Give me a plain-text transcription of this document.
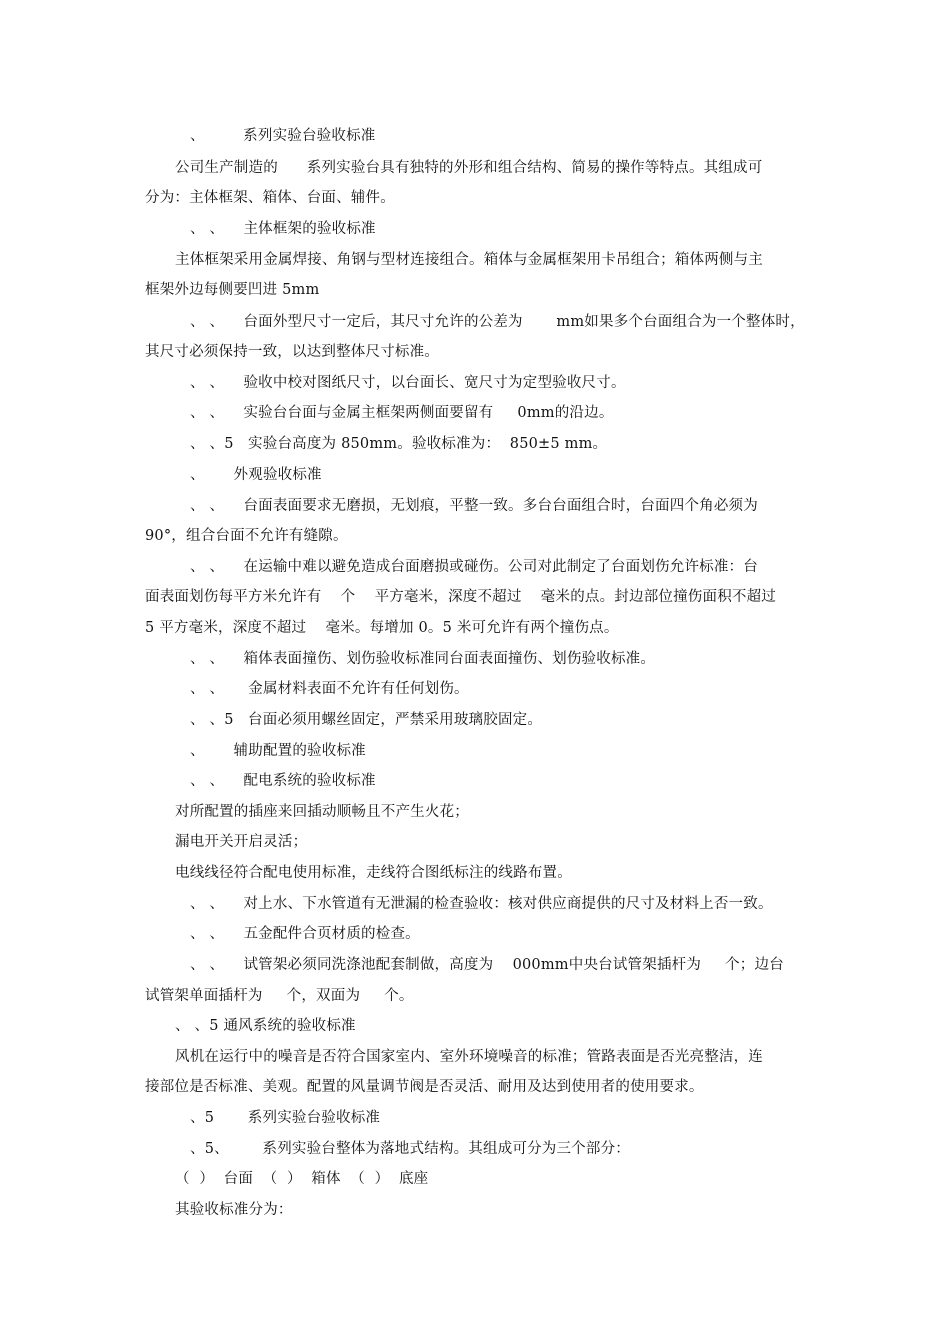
、        系列实验台验收标准
公司生产制造的      系列实验台具有独特的外形和组合结构、简易的操作等特点。其组成可
分为：主体框架、箱体、台面、辅件。
、 、    主体框架的验收标准
主体框架采用金属焊接、角钢与型材连接组合。箱体与金属框架用卡吊组合；箱体两侧与主
框架外边每侧要凹进 5mm
、 、    台面外型尺寸一定后，其尺寸允许的公差为       mm如果多个台面组合为一个整体时，
其尺寸必须保持一致，以达到整体尺寸标准。
、 、    验收中校对图纸尺寸，以台面长、宽尺寸为定型验收尺寸。
、 、    实验台台面与金属主框架两侧面要留有     0mm的沿边。
、 、5   实验台高度为 850mm。验收标准为：  850±5 mm。
、      外观验收标准
、 、    台面表面要求无磨损，无划痕，平整一致。多台台面组合时，台面四个角必须为
90°，组合台面不允许有缝隙。
、 、    在运输中难以避免造成台面磨损或碰伤。公司对此制定了台面划伤允许标准：台
面表面划伤每平方米允许有    个    平方毫米，深度不超过    毫米的点。封边部位撞伤面积不超过
5 平方毫米，深度不超过    毫米。每增加 0。5 米可允许有两个撞伤点。
、 、    箱体表面撞伤、划伤验收标准同台面表面撞伤、划伤验收标准。
、 、     金属材料表面不允许有任何划伤。
、 、5   台面必须用螺丝固定，严禁采用玻璃胶固定。
、      辅助配置的验收标准
、 、    配电系统的验收标准
对所配置的插座来回插动顺畅且不产生火花；
漏电开关开启灵活；
电线线径符合配电使用标准，走线符合图纸标注的线路布置。
、 、    对上水、下水管道有无泄漏的检查验收：核对供应商提供的尺寸及材料上否一致。
、 、    五金配件合页材质的检查。
、 、    试管架必须同洗涤池配套制做，高度为    000mm中央台试管架插杆为     个；边台
试管架单面插杆为     个，双面为     个。
、 、5 通风系统的验收标准
风机在运行中的噪音是否符合国家室内、室外环境噪音的标准；管路表面是否光亮整洁，连
接部位是否标准、美观。配置的风量调节阀是否灵活、耐用及达到使用者的使用要求。
、5       系列实验台验收标准
、5、       系列实验台整体为落地式结构。其组成可分为三个部分：
（  ）  台面  （  ）  箱体  （  ）  底座
其验收标准分为：
